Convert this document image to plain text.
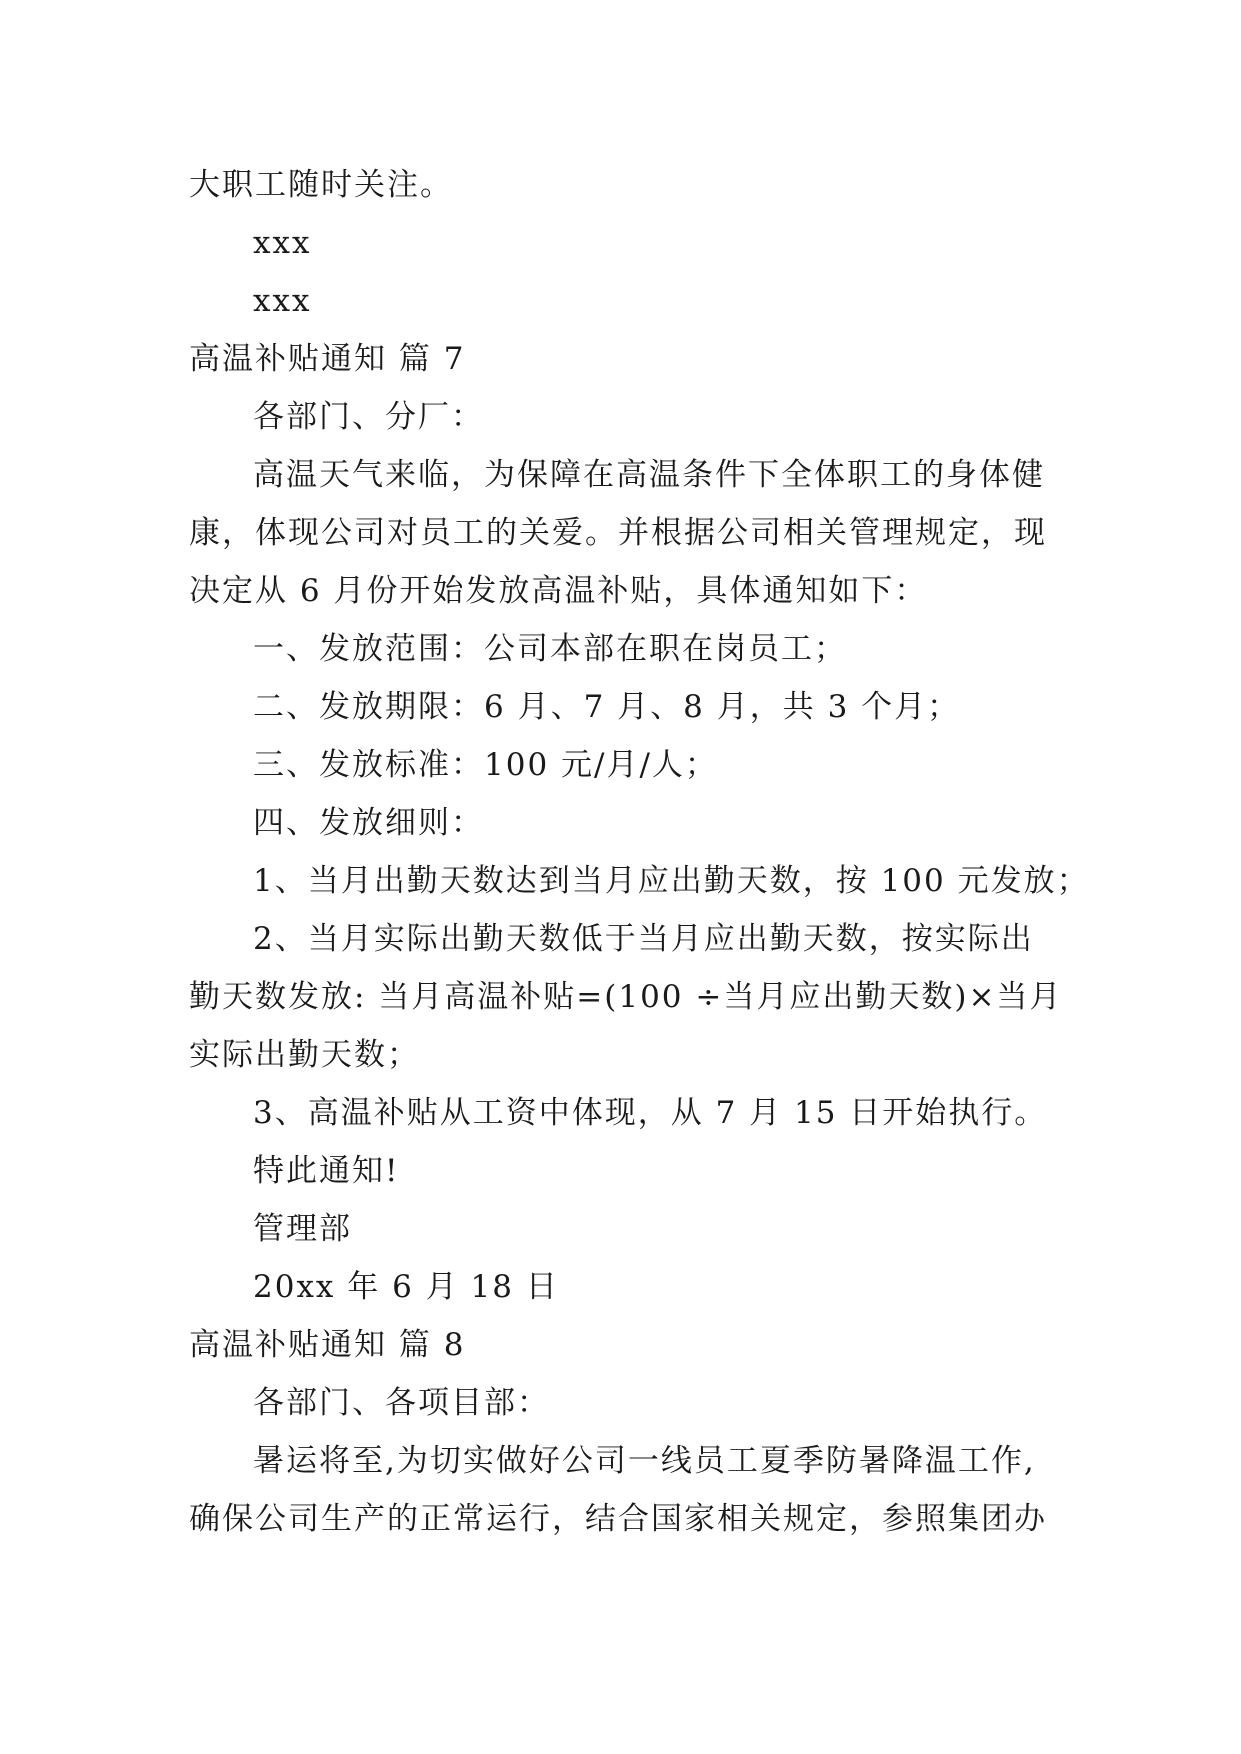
大职工随时关注。
xxx
xxx
高温补贴通知 篇 7
各部门、分厂：
高温天气来临，为保障在高温条件下全体职工的身体健
康，体现公司对员工的关爱。并根据公司相关管理规定，现
决定从 6 月份开始发放高温补贴，具体通知如下：
一、发放范围：公司本部在职在岗员工；
二、发放期限：6 月、7 月、8 月，共 3 个月；
三、发放标准：100 元/月/人；
四、发放细则：
1、当月出勤天数达到当月应出勤天数，按 100 元发放；
2、当月实际出勤天数低于当月应出勤天数，按实际出
勤天数发放: 当月高温补贴=(100 ÷当月应出勤天数)×当月
实际出勤天数；
3、高温补贴从工资中体现，从 7 月 15 日开始执行。
特此通知!
管理部
20xx 年 6 月 18 日
高温补贴通知 篇 8
各部门、各项目部：
暑运将至,为切实做好公司一线员工夏季防暑降温工作,
确保公司生产的正常运行，结合国家相关规定，参照集团办
